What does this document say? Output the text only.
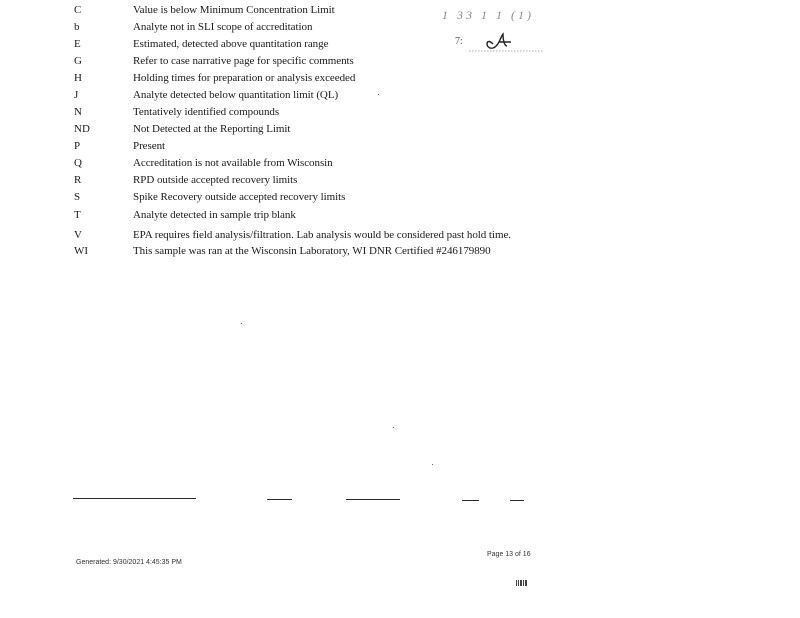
C	Value is below Minimum Concentration Limit
b	Analyte not in SLI scope of accreditation
E	Estimated, detected above quantitation range
G	Refer to case narrative page for specific comments
H	Holding times for preparation or analysis exceeded
J	Analyte detected below quantitation limit (QL)
N	Tentatively identified compounds
ND	Not Detected at the Reporting Limit
P	Present
Q	Accreditation is not available from Wisconsin
R	RPD outside accepted recovery limits
S	Spike Recovery outside accepted recovery limits
T	Analyte detected in sample trip blank
V	EPA requires field analysis/filtration. Lab analysis would be considered past hold time.
WI	This sample was ran at the Wisconsin Laboratory, WI DNR Certified #246179890
1 33 1 1 (1)
7:
Generated: 9/30/2021 4:45:35 PM
Page 13 of 16
